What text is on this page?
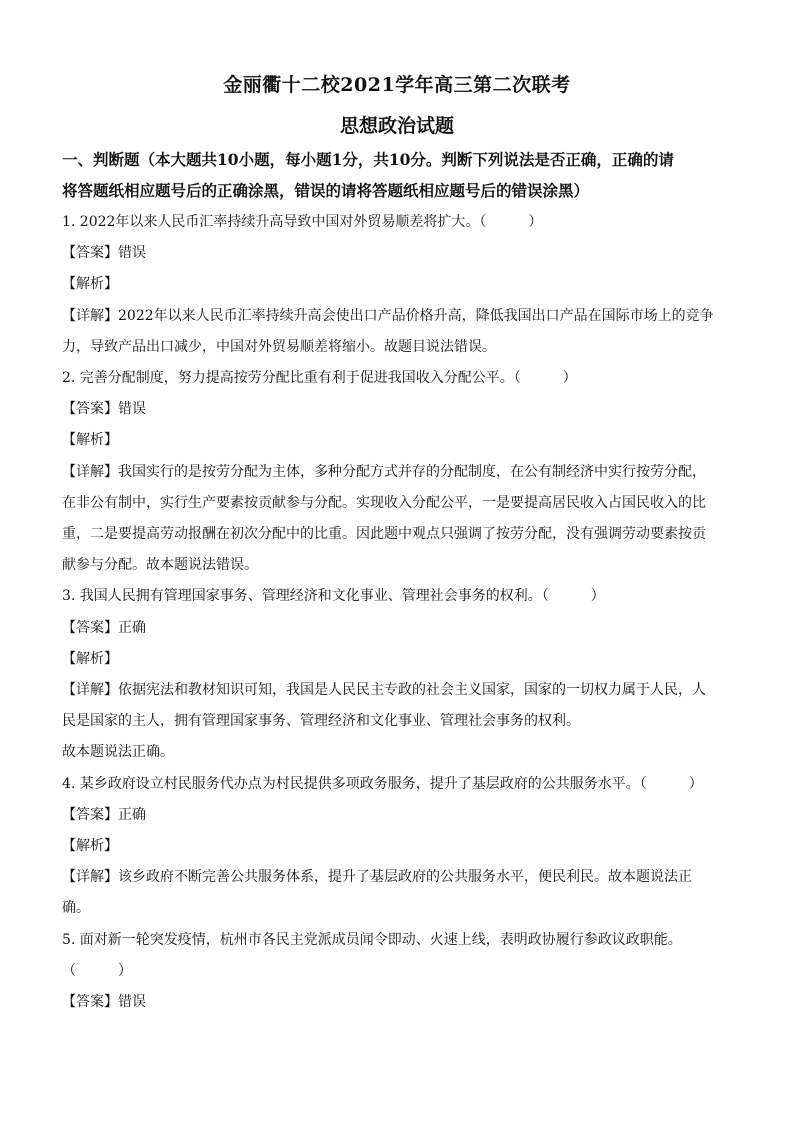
金丽衢十二校2021学年高三第二次联考
思想政治试题
一、判断题（本大题共10小题，每小题1分，共10分。判断下列说法是否正确，正确的请
将答题纸相应题号后的正确涂黑，错误的请将答题纸相应题号后的错误涂黑）
1. 2022年以来人民币汇率持续升高导致中国对外贸易顺差将扩大。（　　　）
【答案】错误
【解析】
【详解】2022年以来人民币汇率持续升高会使出口产品价格升高，降低我国出口产品在国际市场上的竞争
力，导致产品出口减少，中国对外贸易顺差将缩小。故题目说法错误。
2. 完善分配制度，努力提高按劳分配比重有利于促进我国收入分配公平。（　　　）
【答案】错误
【解析】
【详解】我国实行的是按劳分配为主体，多种分配方式并存的分配制度，在公有制经济中实行按劳分配，
在非公有制中，实行生产要素按贡献参与分配。实现收入分配公平，一是要提高居民收入占国民收入的比
重，二是要提高劳动报酬在初次分配中的比重。因此题中观点只强调了按劳分配，没有强调劳动要素按贡
献参与分配。故本题说法错误。
3. 我国人民拥有管理国家事务、管理经济和文化事业、管理社会事务的权利。（　　　）
【答案】正确
【解析】
【详解】依据宪法和教材知识可知，我国是人民民主专政的社会主义国家，国家的一切权力属于人民，人
民是国家的主人，拥有管理国家事务、管理经济和文化事业、管理社会事务的权利。
故本题说法正确。
4. 某乡政府设立村民服务代办点为村民提供多项政务服务，提升了基层政府的公共服务水平。（　　　）
【答案】正确
【解析】
【详解】该乡政府不断完善公共服务体系，提升了基层政府的公共服务水平，便民利民。故本题说法正
确。
5. 面对新一轮突发疫情，杭州市各民主党派成员闻令即动、火速上线，表明政协履行参政议政职能。
（　　　）
【答案】错误
